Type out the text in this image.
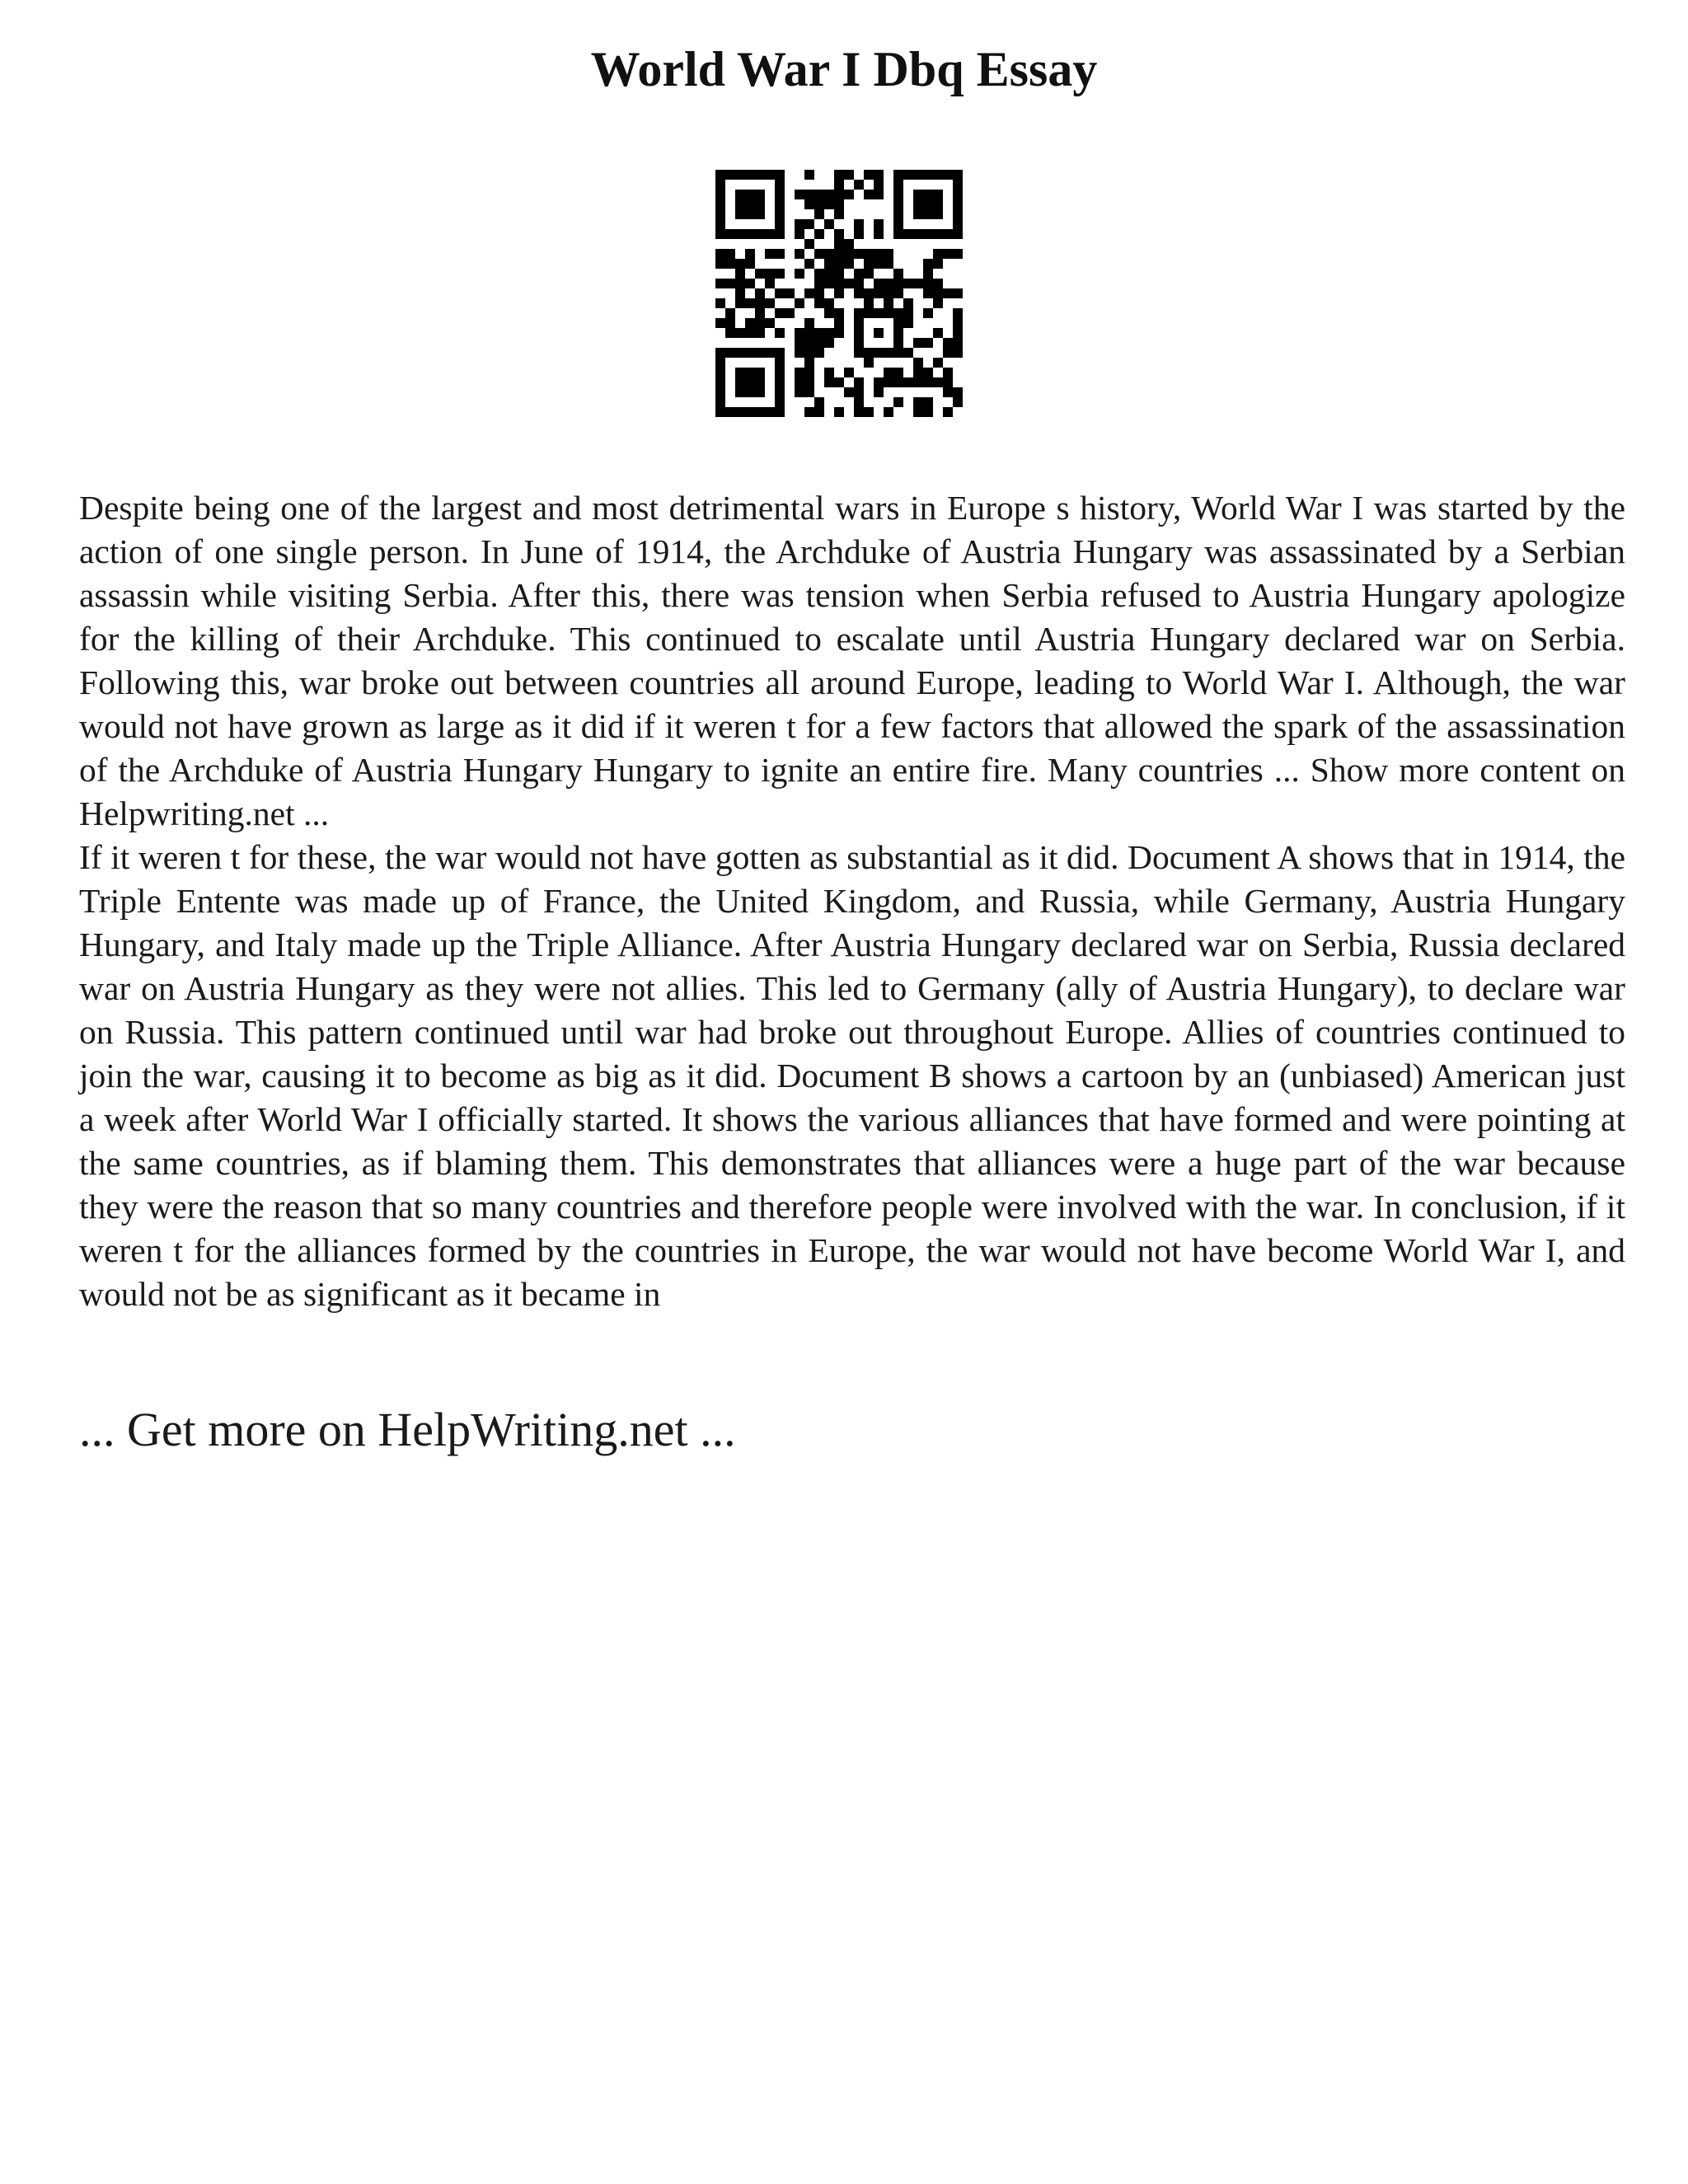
World War I Dbq Essay

Despite being one of the largest and most detrimental wars in Europe s history, World War I was started by the action of one single person. In June of 1914, the Archduke of Austria Hungary was assassinated by a Serbian assassin while visiting Serbia. After this, there was tension when Serbia refused to Austria Hungary apologize for the killing of their Archduke. This continued to escalate until Austria Hungary declared war on Serbia. Following this, war broke out between countries all around Europe, leading to World War I. Although, the war would not have grown as large as it did if it weren t for a few factors that allowed the spark of the assassination of the Archduke of Austria Hungary Hungary to ignite an entire fire. Many countries ... Show more content on Helpwriting.net ...

If it weren t for these, the war would not have gotten as substantial as it did. Document A shows that in 1914, the Triple Entente was made up of France, the United Kingdom, and Russia, while Germany, Austria Hungary Hungary, and Italy made up the Triple Alliance. After Austria Hungary declared war on Serbia, Russia declared war on Austria Hungary as they were not allies. This led to Germany (ally of Austria Hungary), to declare war on Russia. This pattern continued until war had broke out throughout Europe. Allies of countries continued to join the war, causing it to become as big as it did. Document B shows a cartoon by an (unbiased) American just a week after World War I officially started. It shows the various alliances that have formed and were pointing at the same countries, as if blaming them. This demonstrates that alliances were a huge part of the war because they were the reason that so many countries and therefore people were involved with the war. In conclusion, if it weren t for the alliances formed by the countries in Europe, the war would not have become World War I, and would not be as significant as it became in

... Get more on HelpWriting.net ...
